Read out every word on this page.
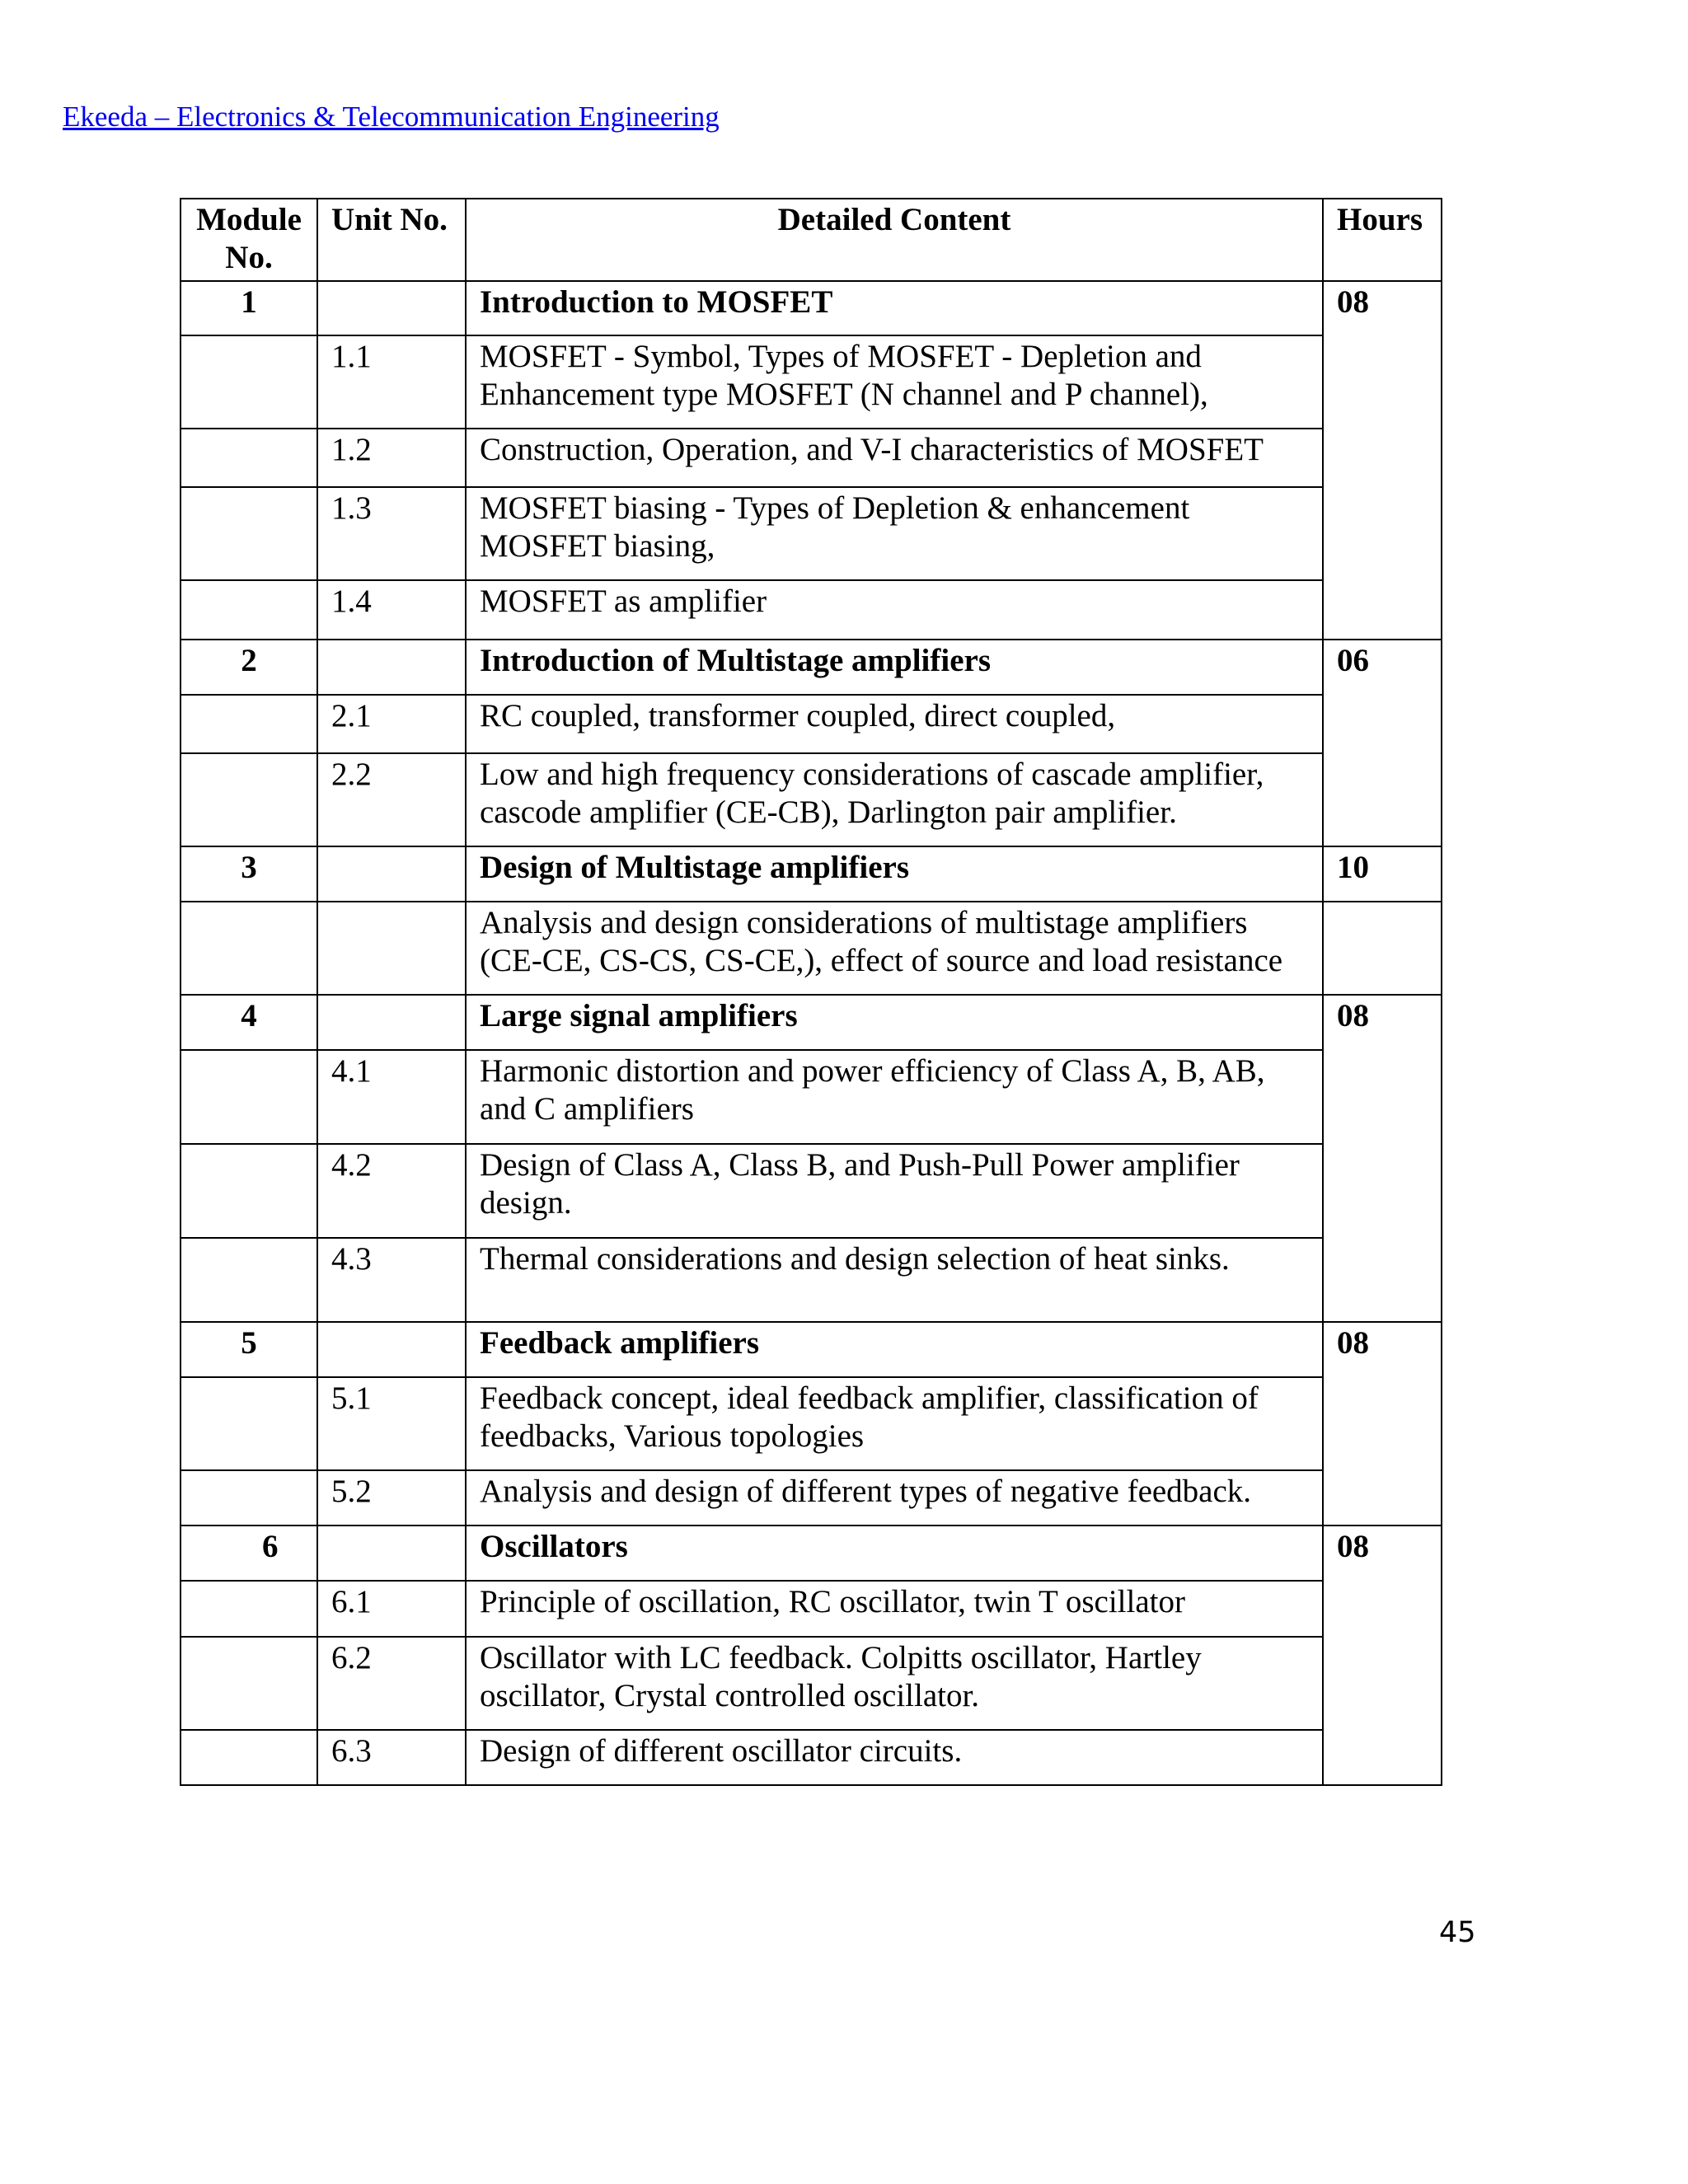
Ekeeda – Electronics & Telecommunication Engineering
Module No.	Unit No.	Detailed Content	Hours
1		Introduction to MOSFET	08
	1.1	MOSFET - Symbol, Types of MOSFET - Depletion and Enhancement type MOSFET (N channel and P channel),	
	1.2	Construction, Operation, and V-I characteristics of MOSFET	
	1.3	MOSFET biasing - Types of Depletion & enhancement MOSFET biasing,	
	1.4	MOSFET as amplifier	
2		Introduction of Multistage amplifiers	06
	2.1	RC coupled, transformer coupled, direct coupled,	
	2.2	Low and high frequency considerations of cascade amplifier, cascode amplifier (CE-CB), Darlington pair amplifier.	
3		Design of Multistage amplifiers	10
		Analysis and design considerations of multistage amplifiers (CE-CE, CS-CS, CS-CE,), effect of source and load resistance	
4		Large signal amplifiers	08
	4.1	Harmonic distortion and power efficiency of Class A, B, AB, and C amplifiers	
	4.2	Design of Class A, Class B, and Push-Pull Power amplifier design.	
	4.3	Thermal considerations and design selection of heat sinks.	
5		Feedback amplifiers	08
	5.1	Feedback concept, ideal feedback amplifier, classification of feedbacks, Various topologies	
	5.2	Analysis and design of different types of negative feedback.	
6		Oscillators	08
	6.1	Principle of oscillation, RC oscillator, twin T oscillator	
	6.2	Oscillator with LC feedback. Colpitts oscillator, Hartley oscillator, Crystal controlled oscillator.	
	6.3	Design of different oscillator circuits.	
45
